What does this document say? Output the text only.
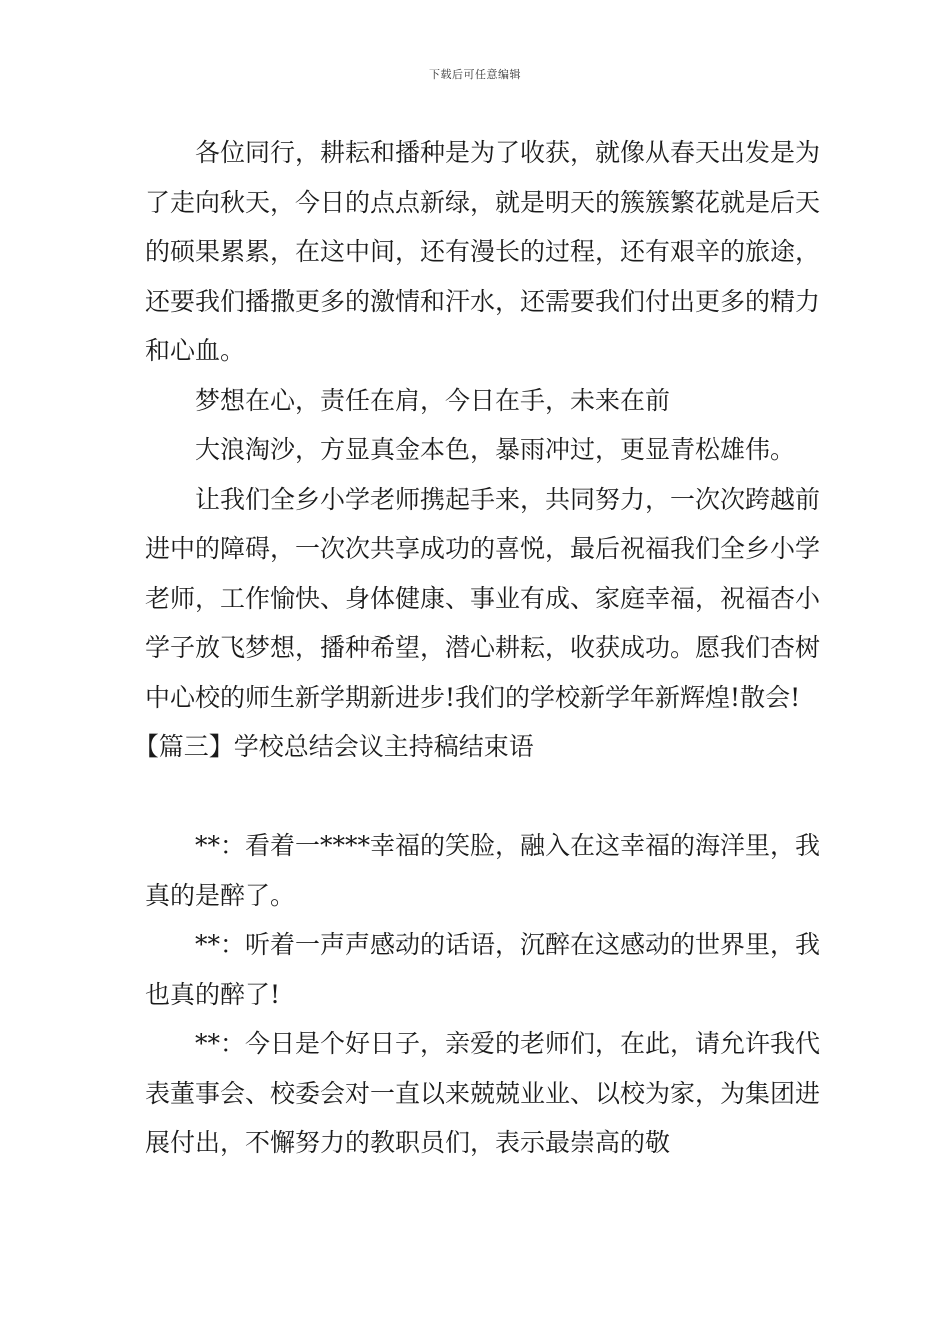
下载后可任意编辑

各位同行，耕耘和播种是为了收获，就像从春天出发是为了走向秋天，今日的点点新绿，就是明天的簇簇繁花就是后天的硕果累累，在这中间，还有漫长的过程，还有艰辛的旅途，还要我们播撒更多的激情和汗水，还需要我们付出更多的精力和心血。

梦想在心，责任在肩，今日在手，未来在前

大浪淘沙，方显真金本色，暴雨冲过，更显青松雄伟。

让我们全乡小学老师携起手来，共同努力，一次次跨越前进中的障碍，一次次共享成功的喜悦，最后祝福我们全乡小学老师，工作愉快、身体健康、事业有成、家庭幸福，祝福杏小学子放飞梦想，播种希望，潜心耕耘，收获成功。愿我们杏树中心校的师生新学期新进步!我们的学校新学年新辉煌!散会!

【篇三】学校总结会议主持稿结束语

**：看着一****幸福的笑脸，融入在这幸福的海洋里，我真的是醉了。

**：听着一声声感动的话语，沉醉在这感动的世界里，我也真的醉了!

**：今日是个好日子，亲爱的老师们，在此，请允许我代表董事会、校委会对一直以来兢兢业业、以校为家，为集团进展付出，不懈努力的教职员们，表示最崇高的敬
